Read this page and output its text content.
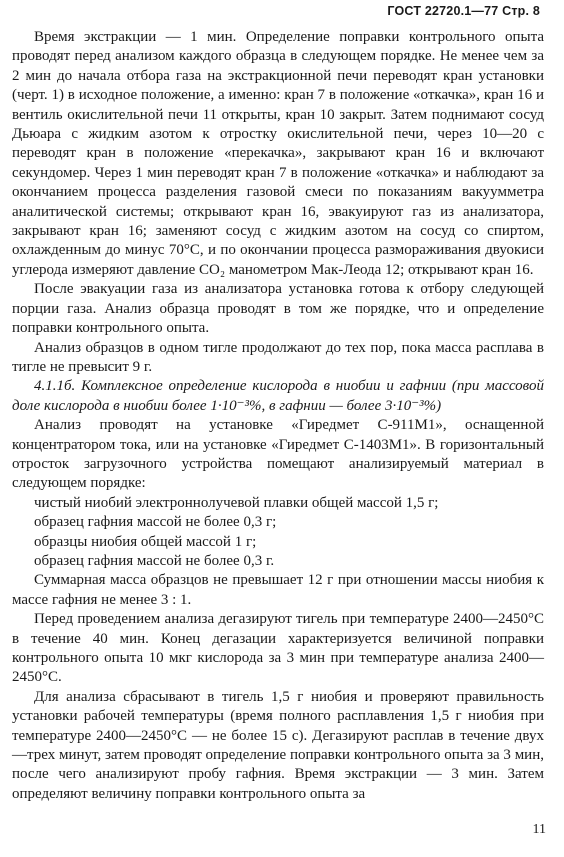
ГОСТ 22720.1—77 Стр. 8

Время экстракции — 1 мин. Определение поправки контрольного опыта проводят перед анализом каждого образца в следующем порядке. Не менее чем за 2 мин до начала отбора газа на экстракционной печи переводят кран установки (черт. 1) в исходное положение, а именно: кран 7 в положение «откачка», кран 16 и вентиль окислительной печи 11 открыты, кран 10 закрыт. Затем поднимают сосуд Дьюара с жидким азотом к отростку окислительной печи, через 10—20 с переводят кран в положение «перекачка», закрывают кран 16 и включают секундомер. Через 1 мин переводят кран 7 в положение «откачка» и наблюдают за окончанием процесса разделения газовой смеси по показаниям вакуумметра аналитической системы; открывают кран 16, эвакуируют газ из анализатора, закрывают кран 16; заменяют сосуд с жидким азотом на сосуд со спиртом, охлажденным до минус 70°C, и по окончании процесса размораживания двуокиси углерода измеряют давление CO₂ манометром Мак-Леода 12; открывают кран 16.

После эвакуации газа из анализатора установка готова к отбору следующей порции газа. Анализ образца проводят в том же порядке, что и определение поправки контрольного опыта.

Анализ образцов в одном тигле продолжают до тех пор, пока масса расплава в тигле не превысит 9 г.

4.1.1б. Комплексное определение кислорода в ниобии и гафнии (при массовой доле кислорода в ниобии более 1·10⁻³%, в гафнии — более 3·10⁻³%)

Анализ проводят на установке «Гиредмет С-911М1», оснащенной концентратором тока, или на установке «Гиредмет С-1403М1». В горизонтальный отросток загрузочного устройства помещают анализируемый материал в следующем порядке:

чистый ниобий электроннолучевой плавки общей массой 1,5 г;

образец гафния массой не более 0,3 г;

образцы ниобия общей массой 1 г;

образец гафния массой не более 0,3 г.

Суммарная масса образцов не превышает 12 г при отношении массы ниобия к массе гафния не менее 3 : 1.

Перед проведением анализа дегазируют тигель при температуре 2400—2450°C в течение 40 мин. Конец дегазации характеризуется величиной поправки контрольного опыта 10 мкг кислорода за 3 мин при температуре анализа 2400—2450°C.

Для анализа сбрасывают в тигель 1,5 г ниобия и проверяют правильность установки рабочей температуры (время полного расплавления 1,5 г ниобия при температуре 2400—2450°C — не более 15 с). Дегазируют расплав в течение двух—трех минут, затем проводят определение поправки контрольного опыта за 3 мин, после чего анализируют пробу гафния. Время экстракции — 3 мин. Затем определяют величину поправки контрольного опыта за

11
